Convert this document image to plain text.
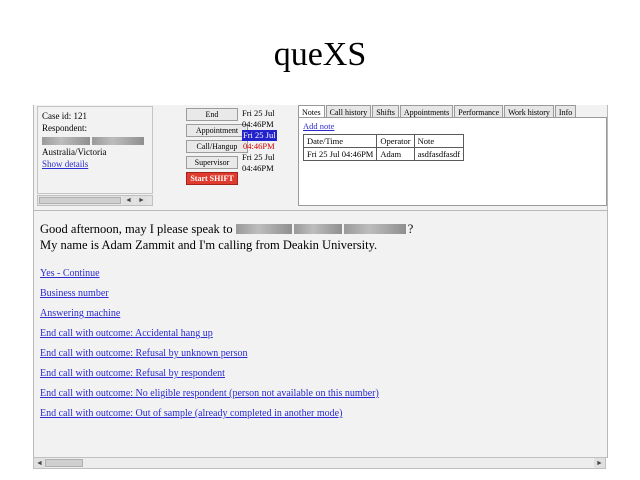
queXS
Case id: 121
Respondent:
Australia/Victoria
Show details
◄ ►
End
Appointment
Call/Hangup
Supervisor
Start SHIFT
Fri 25 Jul
04:46PM
Fri 25 Jul
04:46PM
Fri 25 Jul
04:46PM
Notes Call history Shifts Appointments Performance Work history Info
Add note
Date/Time	Operator	Note
Fri 25 Jul 04:46PM	Adam	asdfasdfasdf
Good afternoon, may I please speak to	?
My name is Adam Zammit and I'm calling from Deakin University.
Yes - Continue
Business number
Answering machine
End call with outcome: Accidental hang up
End call with outcome: Refusal by unknown person
End call with outcome: Refusal by respondent
End call with outcome: No eligible respondent (person not available on this number)
End call with outcome: Out of sample (already completed in another mode)
◄	►
